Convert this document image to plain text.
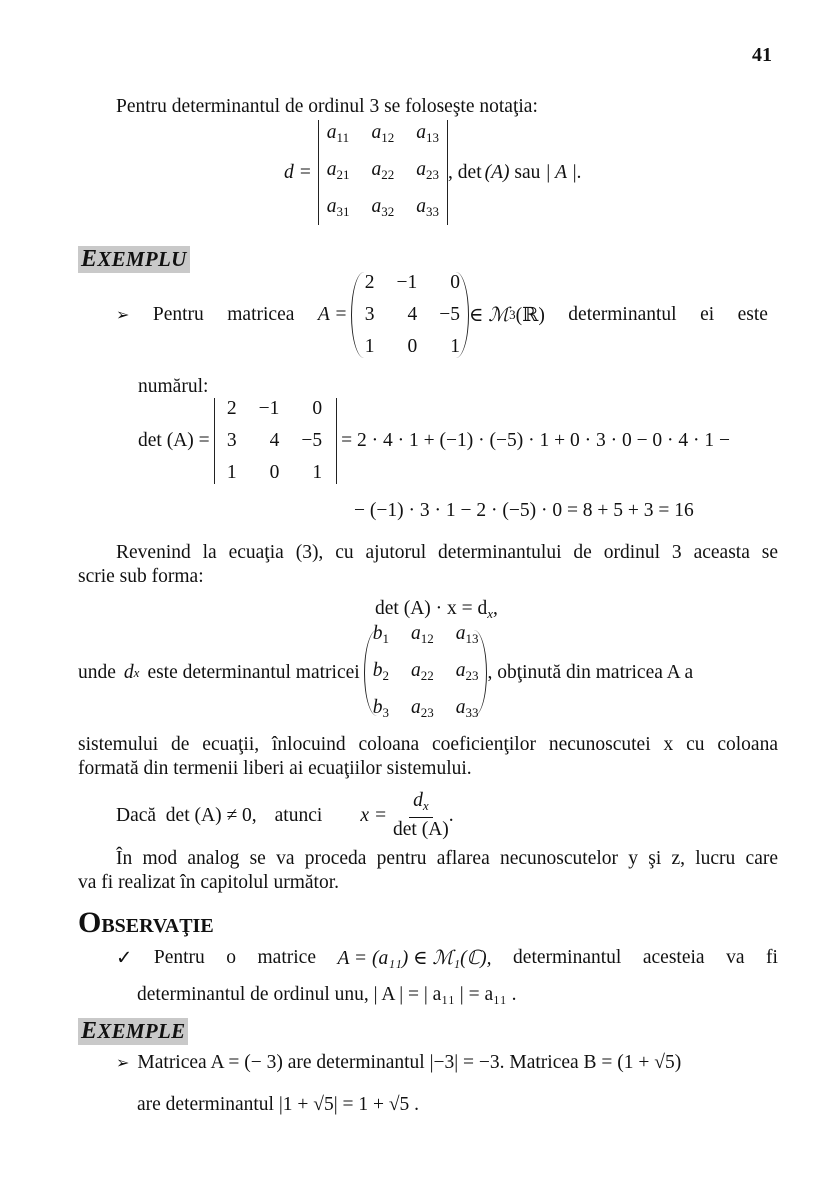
41
Pentru determinantul de ordinul 3 se foloseşte notaţia:
d =
$a_{11}$ $a_{12}$ $a_{13}$
$a_{21}$ $a_{22}$ $a_{23}$
$a_{31}$ $a_{32}$ $a_{33}$
, det (A) sau | A |.
EXEMPLU
➢ Pentru matricea A =
2 −1	0
3	4 −5
1	0	1
∈ ℳ 3 (ℝ) determinantul ei este
numărul:
det (A) =
2 −1	0
3	4 −5
1	0	1
= 2 · 4 · 1 + (−1) · (−5) · 1 + 0 · 3 · 0 − 0 · 4 · 1 −
− (−1) · 3 · 1 − 2 · (−5) · 0 = 8 + 5 + 3 = 16
Revenind la ecuaţia (3), cu ajutorul determinantului de ordinul 3 aceasta se
scrie sub forma:
$\det (A) \cdot x = d_x$,
unde d x este determinantul matricei
$b_1$ $a_{12}$ $a_{13}$
$b_2$ $a_{22}$ $a_{23}$
$b_3$ $a_{23}$ $a_{33}$
, obţinută din matricea A a
sistemului de ecuaţii, înlocuind coloana coeficienţilor necunoscutei x cu coloana
formată din termenii liberi ai ecuaţiilor sistemului.
Dacă  det (A) ≠ 0, atunci $x = \frac{d_x}{\det (A)}$ .
În mod analog se va proceda pentru aflarea necunoscutelor y şi z, lucru care
va fi realizat în capitolul următor.
OBSERVAŢIE
✓ Pentru o matrice A = (a₁₁) ∈ ℳ₁(ℂ), determinantul acesteia va fi
determinantul de ordinul unu, | A | = | a₁₁ | = a₁₁ .
EXEMPLE
➢ Matricea A = (− 3) are determinantul |−3| = −3. Matricea B = (1 + √5)
are determinantul |1 + √5| = 1 + √5 .
